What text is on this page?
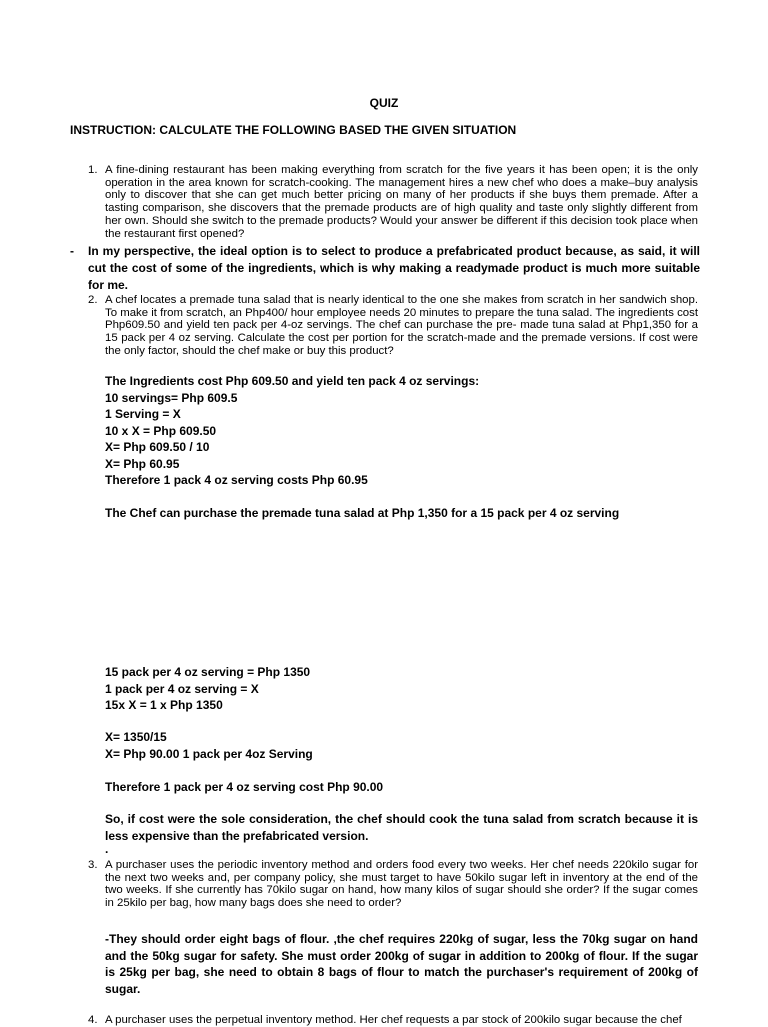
QUIZ
INSTRUCTION: CALCULATE THE FOLLOWING BASED THE GIVEN SITUATION
1. A fine-dining restaurant has been making everything from scratch for the five years it has been open; it is the only operation in the area known for scratch-cooking. The management hires a new chef who does a make–buy analysis only to discover that she can get much better pricing on many of her products if she buys them premade. After a tasting comparison, she discovers that the premade products are of high quality and taste only slightly different from her own. Should she switch to the premade products? Would your answer be different if this decision took place when the restaurant first opened?
- In my perspective, the ideal option is to select to produce a prefabricated product because, as said, it will cut the cost of some of the ingredients, which is why making a readymade product is much more suitable for me.
2. A chef locates a premade tuna salad that is nearly identical to the one she makes from scratch in her sandwich shop. To make it from scratch, an Php400/ hour employee needs 20 minutes to prepare the tuna salad. The ingredients cost Php609.50 and yield ten pack per 4-oz servings. The chef can purchase the pre- made tuna salad at Php1,350 for a 15 pack per 4 oz serving. Calculate the cost per portion for the scratch-made and the premade versions. If cost were the only factor, should the chef make or buy this product?
The Ingredients cost Php 609.50 and yield ten pack 4 oz servings:
10 servings= Php 609.5
1 Serving = X
10 x X = Php 609.50
X= Php 609.50 / 10
X= Php 60.95
Therefore 1 pack 4 oz serving costs Php 60.95
The Chef can purchase the premade tuna salad at Php 1,350 for a 15 pack per 4 oz serving
15 pack per 4 oz serving = Php 1350
1 pack per 4 oz serving = X
15x X = 1 x Php 1350
X= 1350/15
X= Php 90.00 1 pack per 4oz Serving
Therefore 1 pack per 4 oz serving cost Php 90.00
So, if cost were the sole consideration, the chef should cook the tuna salad from scratch because it is less expensive than the prefabricated version.
.
3. A purchaser uses the periodic inventory method and orders food every two weeks. Her chef needs 220kilo sugar for the next two weeks and, per company policy, she must target to have 50kilo sugar left in inventory at the end of the two weeks. If she currently has 70kilo sugar on hand, how many kilos of sugar should she order? If the sugar comes in 25kilo per bag, how many bags does she need to order?
-They should order eight bags of flour. ,the chef requires 220kg of sugar, less the 70kg sugar on hand and the 50kg sugar for safety. She must order 200kg of sugar in addition to 200kg of flour. If the sugar is 25kg per bag, she need to obtain 8 bags of flour to match the purchaser's requirement of 200kg of sugar.
4. A purchaser uses the perpetual inventory method. Her chef requests a par stock of 200kilo sugar because the chef
